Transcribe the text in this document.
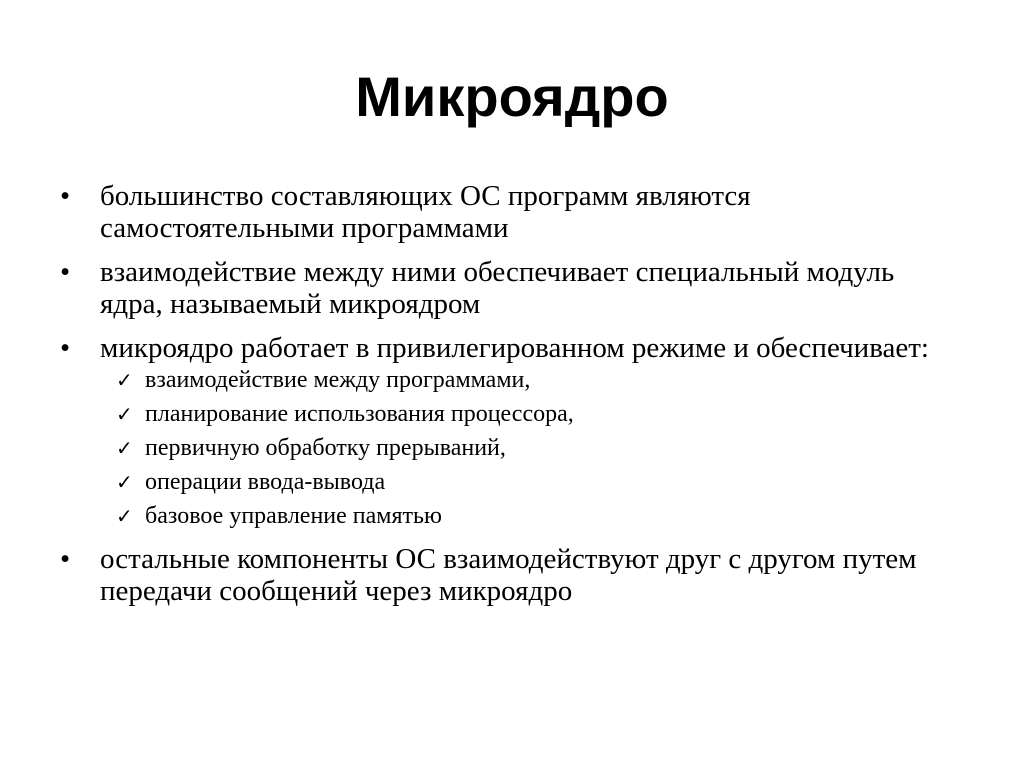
Микроядро
•	большинство составляющих ОС программ являются самостоятельными программами
•	взаимодействие между ними обеспечивает специальный модуль ядра, называемый микроядром
•	микроядро работает в привилегированном режиме и обеспечивает:
✓ взаимодействие между программами,
✓ планирование использования процессора,
✓ первичную обработку прерываний,
✓ операции ввода-вывода
✓ базовое управление памятью
•	остальные компоненты ОС взаимодействуют друг с другом путем передачи сообщений через микроядро
